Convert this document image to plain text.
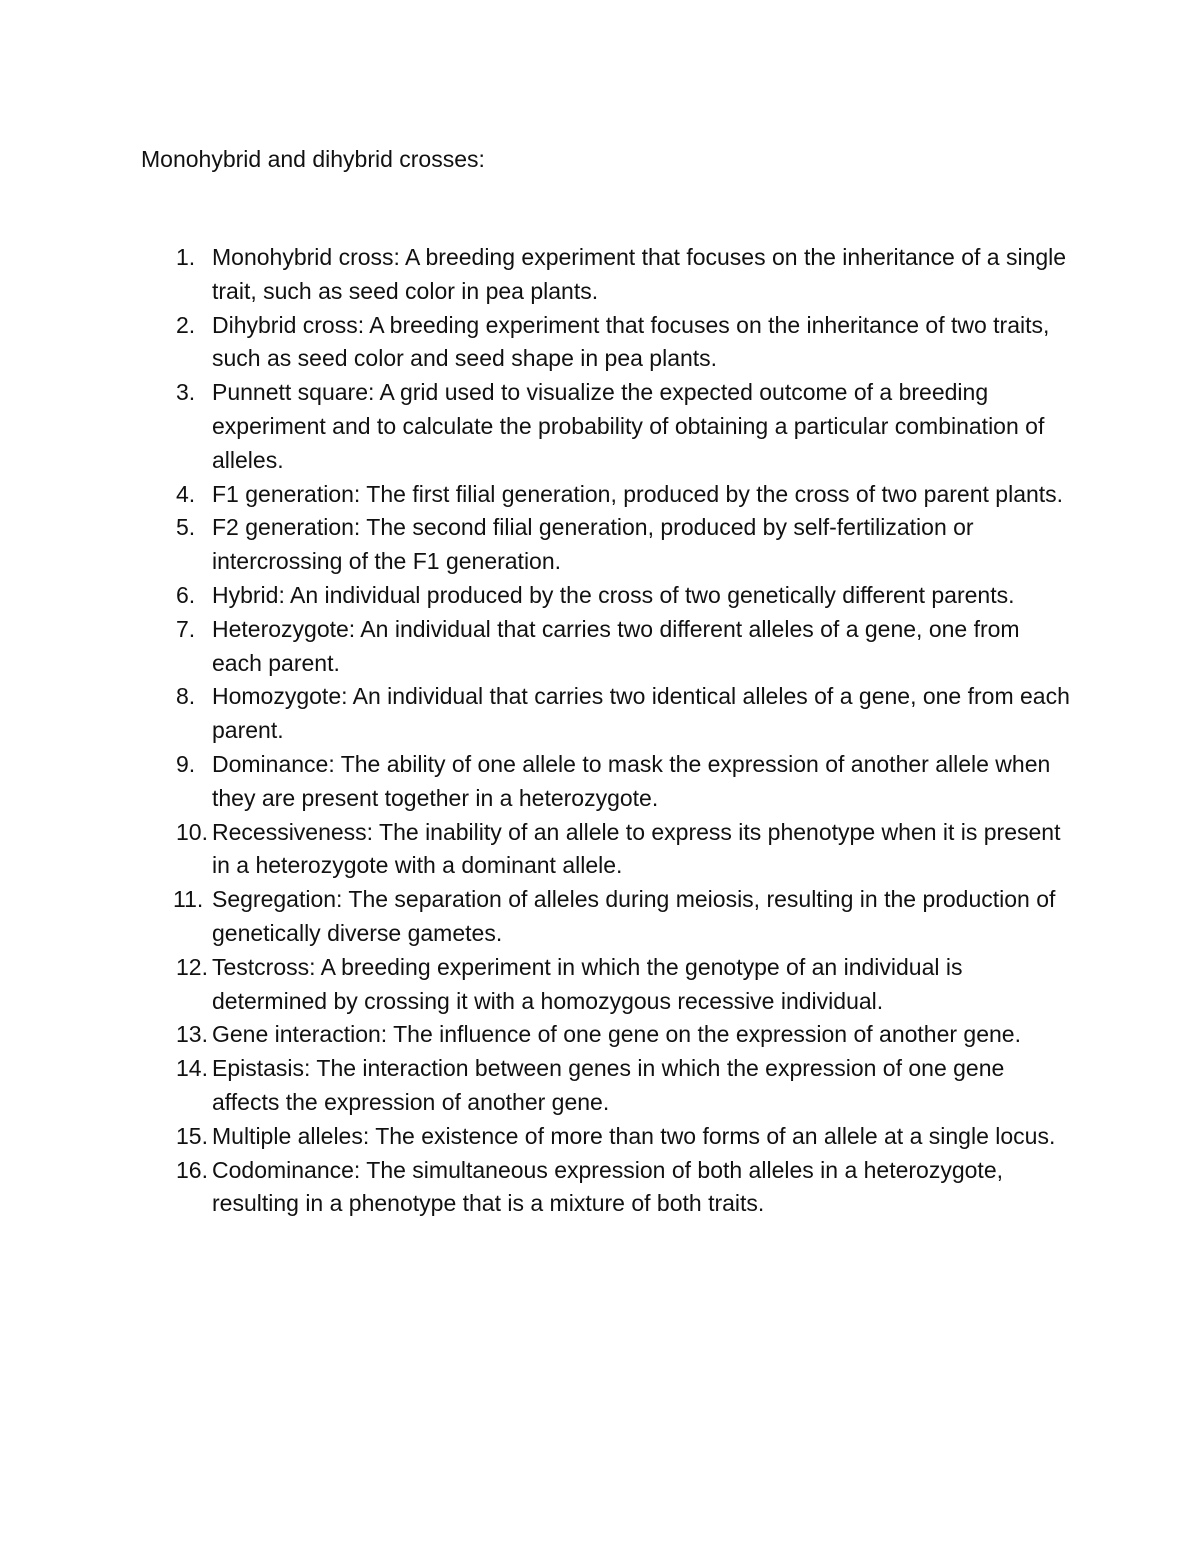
Monohybrid and dihybrid crosses:
1. Monohybrid cross: A breeding experiment that focuses on the inheritance of a single trait, such as seed color in pea plants.
2. Dihybrid cross: A breeding experiment that focuses on the inheritance of two traits, such as seed color and seed shape in pea plants.
3. Punnett square: A grid used to visualize the expected outcome of a breeding experiment and to calculate the probability of obtaining a particular combination of alleles.
4. F1 generation: The first filial generation, produced by the cross of two parent plants.
5. F2 generation: The second filial generation, produced by self-fertilization or intercrossing of the F1 generation.
6. Hybrid: An individual produced by the cross of two genetically different parents.
7. Heterozygote: An individual that carries two different alleles of a gene, one from each parent.
8. Homozygote: An individual that carries two identical alleles of a gene, one from each parent.
9. Dominance: The ability of one allele to mask the expression of another allele when they are present together in a heterozygote.
10. Recessiveness: The inability of an allele to express its phenotype when it is present in a heterozygote with a dominant allele.
11. Segregation: The separation of alleles during meiosis, resulting in the production of genetically diverse gametes.
12. Testcross: A breeding experiment in which the genotype of an individual is determined by crossing it with a homozygous recessive individual.
13. Gene interaction: The influence of one gene on the expression of another gene.
14. Epistasis: The interaction between genes in which the expression of one gene affects the expression of another gene.
15. Multiple alleles: The existence of more than two forms of an allele at a single locus.
16. Codominance: The simultaneous expression of both alleles in a heterozygote, resulting in a phenotype that is a mixture of both traits.
